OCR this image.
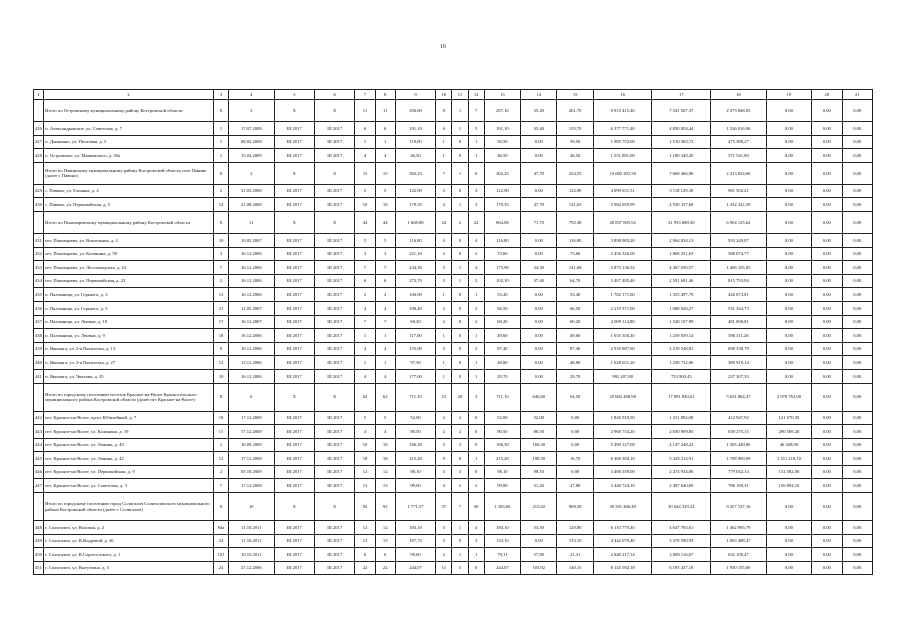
16
1	2	3	4	5	6	7	8	9	10	11	12	13	14	15	16	17	18	19	20	21
	Итого по Островскому муниципальному району Костромской области	X	3	X	X	11	11	356,60	8	1	7	297,10	35,40	261,70	9 915 415,40	7 541 567,37	2 373 848,03	0,00	0,00	0,00
426	п. Александровское, ул. Советская, д. 7	1	17.07.2008	III 2017	III 2017	6	6	191,10	6	1	5	191,10	35,40	155,70	6 377 771,40	4 850 854,44	1 526 916,96	0,00	0,00	0,00
427	п. Дымшино, ул. Почтовая, д. 5	1	08.02.2008	III 2017	III 2017	1	1	119,00	1	0	1	59,50	0,00	59,50	1 985 753,00	1 510 363,73	475 389,27	0,00	0,00	0,00
428	п. Островское, ул. Маяковского, д. 30а	1	15.04.2009	III 2017	III 2017	4	4	46,50	1	0	1	46,50	0,00	46,50	1 551 891,00	1 180 349,20	371 541,80	0,00	0,00	0,00
	Итого по Павинскому муниципальному району Костромской области селе Павино (далее с Павино)	X	2	X	X	15	15	302,25	7	1	6	302,25	47,70	254,55	10 082 291,50	7 668 466,90	2 413 824,60	0,00	0,00	0,00
429	с. Павино, ул. Ельника, д. 4	2	31.03.2008	III 2017	III 2017	5	5	122,90	3	0	3	122,90	0,00	122,90	4 099 631,51	3 118 129,30	981 502,21	0,00	0,00	0,00
430	с. Павино, ул. Первомайская, д. 5	14	21.08.2008	III 2017	III 2017	10	10	179,35	4	1	3	179,35	47,70	131,65	5 982 659,99	4 550 337,60	1 432 322,39	0,00	0,00	0,00
	Итого по Поназыревскому муниципальному району Костромской области	X	11	X	X	44	44	1 668,80	24	2	22	864,08	71,70	792,38	28 837 805,92	21 933 680,30	6 904 125,62	0,00	0,00	0,00
431	пгт. Поназырево, ул. Вокзальная, д. 2	10	10.05.2007	III 2017	III 2017	5	5	116,80	4	0	4	116,80	0,00	116,80	3 898 083,20	2 964 834,13	933 249,07	0,00	0,00	0,00
432	пгт. Поназырево, ул. Калинина, д. 59	3	16.12.2006	III 2017	III 2017	3	3	221,10	2	0	2	73,60	0,00	73,60	2 456 326,00	1 868 251,63	588 074,77	0,00	0,00	0,00
433	пгт. Поназырево, ул. Лесозаводская, д. 23	7	16.12.2006	III 2017	III 2017	7	7	234,30	5	1	4	175,98	34,30	141,68	5 873 136,52	4 467 030,57	1 406 105,95	0,00	0,00	0,00
434	пгт. Поназырево, ул. Первомайская, д. 22	2	16.12.2006	III 2017	III 2017	6	6	273,70	3	1	2	102,10	37,40	64,70	3 407 485,40	2 591 691,46	815 793,94	0,00	0,00	0,00
435	п. Паломница, ул. Горького, д. 3	13	16.12.2006	III 2017	III 2017	2	2	106,90	1	0	1	53,40	0,00	53,40	1 782 171,60	1 355 497,79	426 673,81	0,00	0,00	0,00
436	п. Паломница, ул. Горького, д. 5	21	12.05.2007	III 2017	III 2017	4	4	108,40	2	0	2	66,50	0,00	66,50	2 219 371,00	1 688 026,27	531 344,73	0,00	0,00	0,00
437	п. Паломница, ул. Ленина, д. 10	17	16.12.2007	III 2017	III 2017	7	7	60,20	2	0	2	60,20	0,00	60,20	2 009 114,80	1 528 107,99	481 006,81	0,00	0,00	0,00
438	п. Паломница, ул. Ленина, д. 9	18	16.12.2006	III 2017	III 2017	1	1	117,00	1	0	1	49,60	0,00	49,60	1 655 350,40	1 259 039,14	396 311,26	0,00	0,00	0,00
439	п. Якшанга, ул. 2-я Пятилетка, д. 13	9	16.12.2006	III 2017	III 2017	4	4	155,90	3	0	2	87,40	0,00	87,40	2 916 887,60	2 218 548,81	698 338,79	0,00	0,00	0,00
440	п. Якшанга, ул. 2-я Пятилетка, д. 27	12	13.12.2006	III 2017	III 2017	1	1	97,30	1	0	1	48,80	0,00	48,80	1 628 651,20	1 238 732,06	389 919,14	0,00	0,00	0,00
441	п. Якшанга, ул. Чкалова, д. 35	10	16.12.2006	III 2017	III 2017	4	4	177,00	1	0	1	29,70	0,00	29,70	991 207,80	753 900,45	237 307,35	0,00	0,00	0,00
	Итого по городскому поселению поселок Красное-на-Волге Красносельского муниципального района Костромской области (далее пгт Красное-на-Волге)	X	6	X	X	62	62	711,10	23	20	3	711,10	646,60	64,50	25 602 468,98	17 891 840,61	5 631 864,47	2 078 763,90	0,00	0,00
442	пгт. Красное-на-Волге, пр-кт Юбилейный, д. 7	10	17.12.2008	III 2017	III 2017	5	5	52,00	2	2	0	52,00	52,00	0,00	1 845 910,50	1 311 892,08	412 947,92	121 070,50	0,00	0,00
443	пгт. Красное-на-Волге, ул. Калинина, д. 19	11	17.12.2008	III 2017	III 2017	4	4	80,50	2	2	0	80,50	80,50	0,00	2 960 754,20	2 030 909,85	639 275,15	290 569,20	0,00	0,00
444	пгт. Красное-на-Волге, ул. Ленина, д. 40	1	16.09.2009	III 2017	III 2017	10	10	166,30	3	3	0	166,30	166,30	0,00	5 499 127,08	4 147 248,22	1 305 440,86	46 438,00	0,00	0,00
445	пгт. Красное-на-Волге, ул. Ленина, д. 42	12	17.12.2008	III 2017	III 2017	18	18	215,20	9	8	1	215,20	198,50	16,70	8 469 394,10	5 429 214,91	1 708 969,09	1 311 210,10	0,00	0,00
446	пгт. Красное-на-Волге, ул. Первомайская, д. 9	2	05.10.2009	III 2017	III 2017	12	12	98,10	3	3	0	98,10	98,10	0,00	3 406 559,00	2 474 934,86	779 042,14	152 582,00	0,00	0,00
447	пгт. Красное-на-Волге, ул. Советская, д. 3	7	17.12.2008	III 2017	III 2017	13	13	99,00	4	2	2	99,00	51,20	47,80	3 440 724,10	2 497 640,69	786 189,31	156 894,10	0,00	0,00
	Итого по городскому поселению город Солигалич Солигаличского муниципального района Костромской области (далее г. Солигалич)	X	10	X	X	92	92	1 771,57	37	7	30	1 183,60	215,02	968,58	39 501 466,40	30 044 329,24	9 457 137,16	0,00	0,00	0,00
448	г. Солигалич, ул. Валовая, д. 2	84а	11.10.2011	III 2017	III 2017	12	12	183,10	5	1	4	183,10	53,30	129,80	6 110 779,40	4 647 783,61	1 462 995,79	0,00	0,00	0,00
449	г. Солигалич, ул. В.Водровой, д. 36	24	11.10.2011	III 2017	III 2017	13	13	187,72	3	0	3	133,10	0,00	133,10	4 442 079,40	3 378 590,93	1 063 488,47	0,00	0,00	0,00
450	г. Солигалич, ул. В.Сергеголского, д. 1	101	10.10.2011	III 2017	III 2017	6	6	99,60	2	1	1	79,11	57,80	21,31	2 640 217,14	2 008 116,67	632 100,47	0,00	0,00	0,00
451	г. Солигалич, ул. Выгузгина, д. 5	24	27.12.2006	III 2017	III 2017	22	22	244,07	11	5	6	244,07	103,92	140,15	8 145 592,18	6 195 437,18	1 950 155,00	0,00	0,00	0,00
